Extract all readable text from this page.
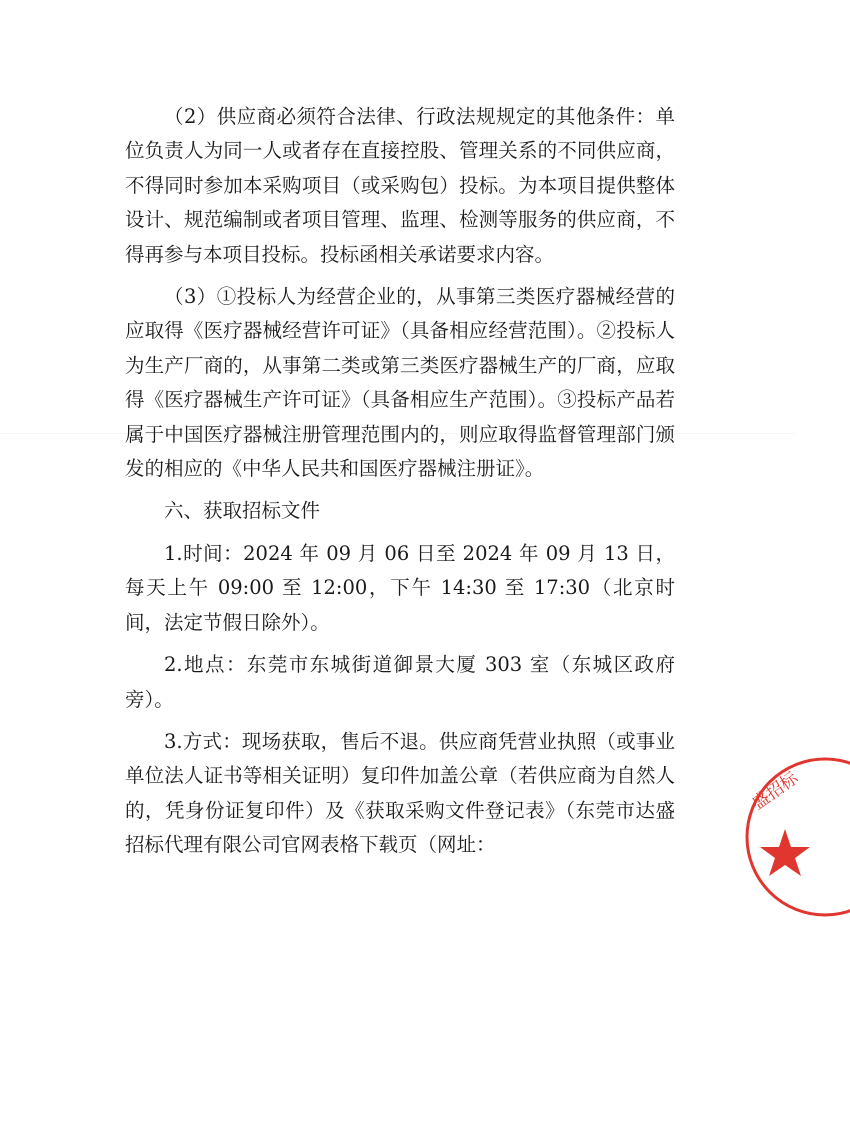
（2）供应商必须符合法律、行政法规规定的其他条件：单位负责人为同一人或者存在直接控股、管理关系的不同供应商，不得同时参加本采购项目（或采购包）投标。为本项目提供整体设计、规范编制或者项目管理、监理、检测等服务的供应商，不得再参与本项目投标。投标函相关承诺要求内容。

（3）①投标人为经营企业的，从事第三类医疗器械经营的应取得《医疗器械经营许可证》（具备相应经营范围）。②投标人为生产厂商的，从事第二类或第三类医疗器械生产的厂商，应取得《医疗器械生产许可证》（具备相应生产范围）。③投标产品若属于中国医疗器械注册管理范围内的，则应取得监督管理部门颁发的相应的《中华人民共和国医疗器械注册证》。

六、获取招标文件

1.时间：2024 年 09 月 06 日至 2024 年 09 月 13 日，每天上午 09:00 至 12:00，下午 14:30 至 17:30（北京时间，法定节假日除外）。

2.地点：东莞市东城街道御景大厦 303 室（东城区政府旁）。

3.方式：现场获取，售后不退。供应商凭营业执照（或事业单位法人证书等相关证明）复印件加盖公章（若供应商为自然人的，凭身份证复印件）及《获取采购文件登记表》（东莞市达盛招标代理有限公司官网表格下载页（网址：

盛招标
